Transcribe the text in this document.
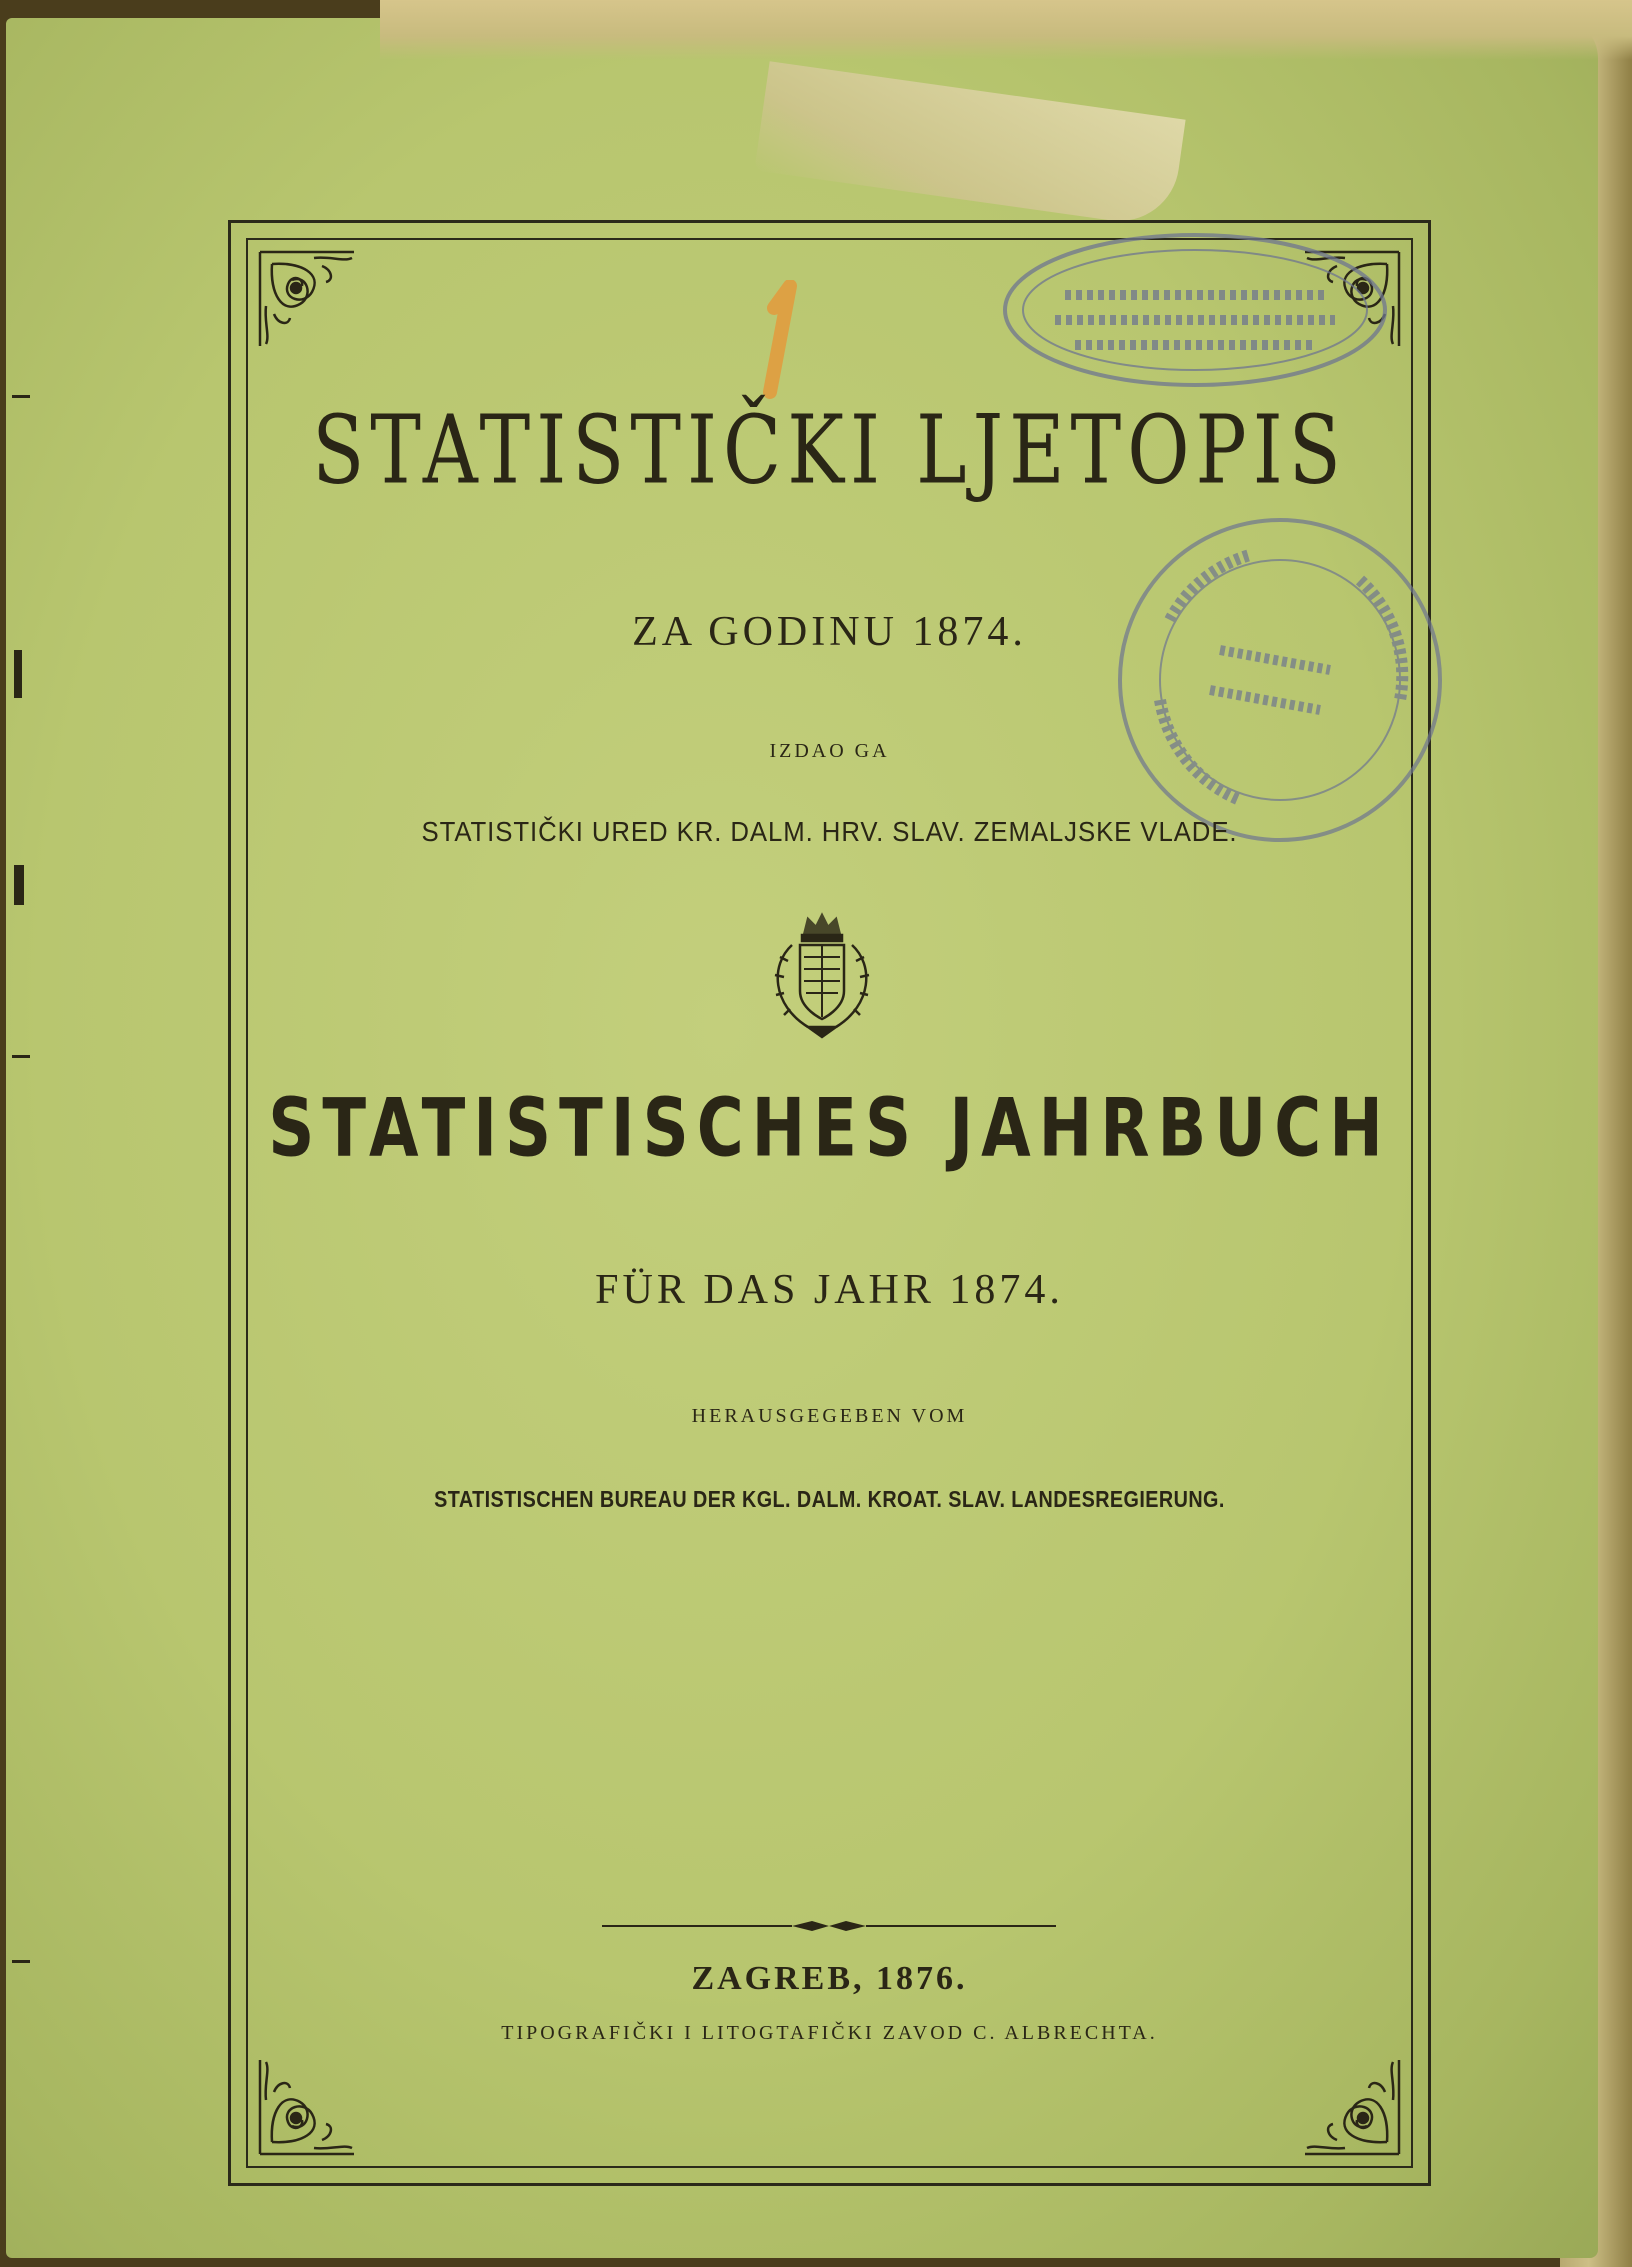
STATISTIČKI LJETOPIS
ZA GODINU 1874.
IZDAO GA
STATISTIČKI URED KR. DALM. HRV. SLAV. ZEMALJSKE VLADE.
STATISTISCHES JAHRBUCH
FÜR DAS JAHR 1874.
HERAUSGEGEBEN VOM
STATISTISCHEN BUREAU DER KGL. DALM. KROAT. SLAV. LANDESREGIERUNG.
ZAGREB, 1876.
TIPOGRAFIČKI I LITOGTAFIČKI ZAVOD C. ALBRECHTA.
